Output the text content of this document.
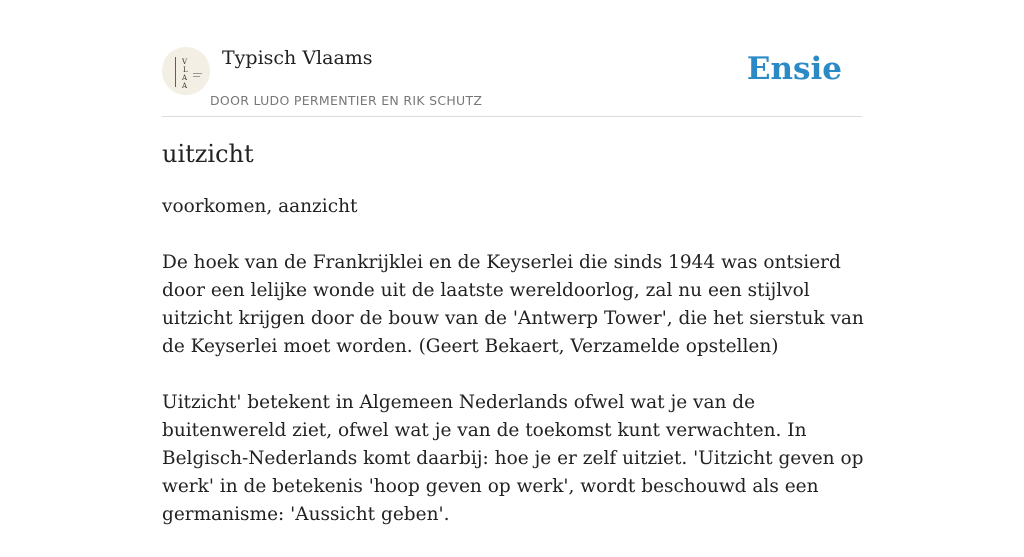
V
L
A
A
Typisch Vlaams
DOOR LUDO PERMENTIER EN RIK SCHUTZ
Ensie
uitzicht

voorkomen, aanzicht

De hoek van de Frankrijklei en de Keyserlei die sinds 1944 was ontsierd door een lelijke wonde uit de laatste wereldoorlog, zal nu een stijlvol uitzicht krijgen door de bouw van de 'Antwerp Tower', die het sierstuk van de Keyserlei moet worden. (Geert Bekaert, Verzamelde opstellen)

Uitzicht' betekent in Algemeen Nederlands ofwel wat je van de buitenwereld ziet, ofwel wat je van de toekomst kunt verwachten. In Belgisch-Nederlands komt daarbij: hoe je er zelf uitziet. 'Uitzicht geven op werk' in de betekenis 'hoop geven op werk', wordt beschouwd als een germanisme: 'Aussicht geben'.
